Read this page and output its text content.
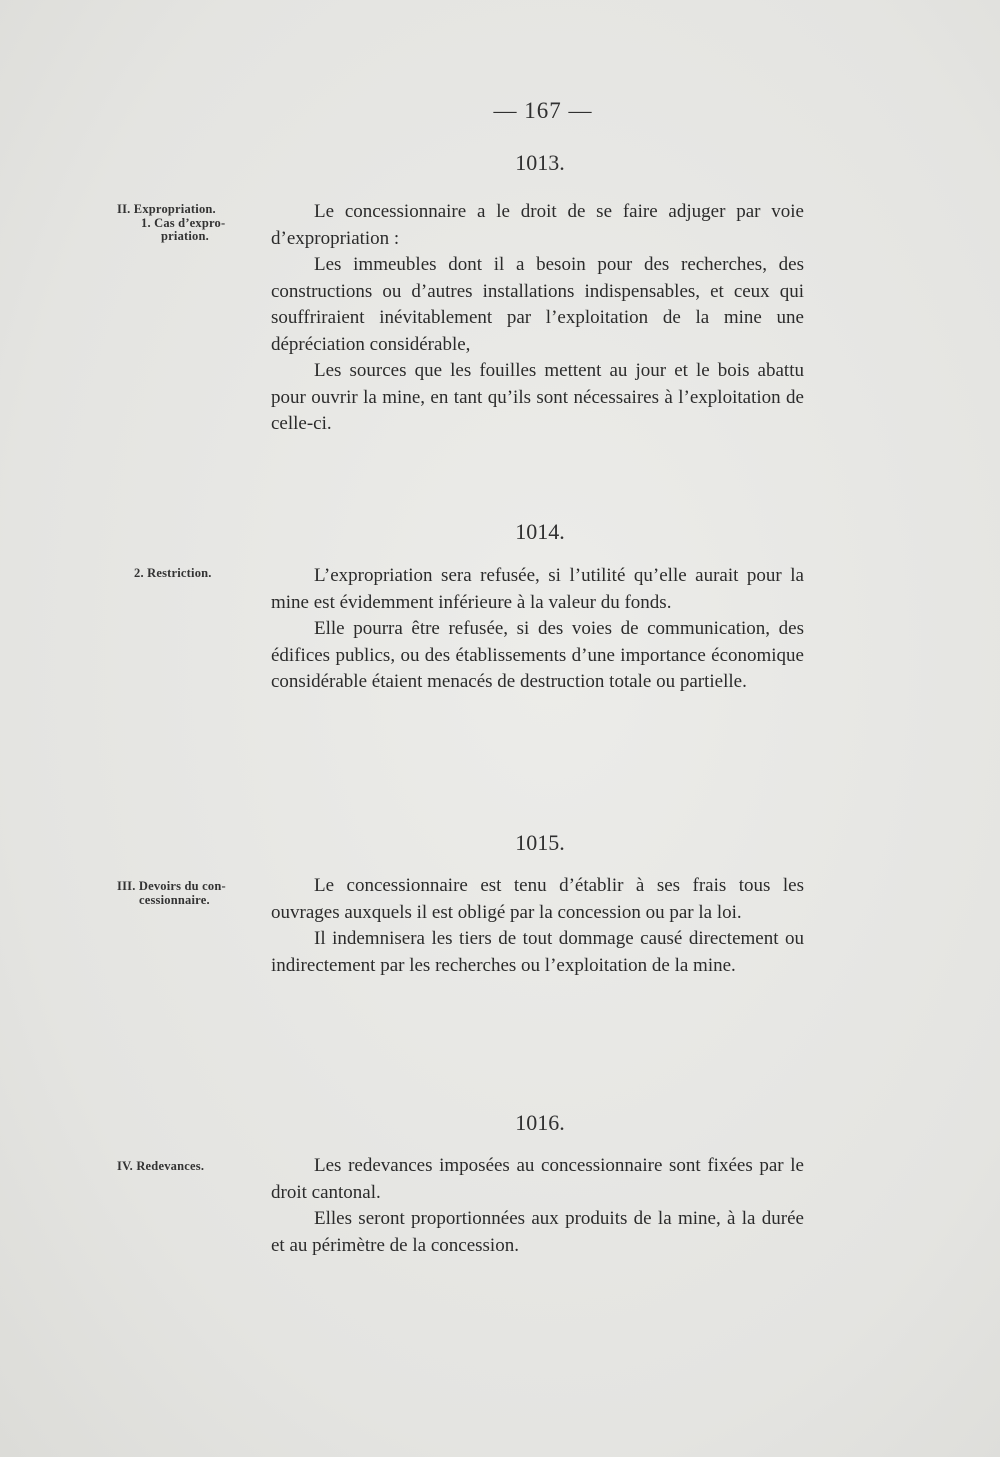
— 167 —
1013.
II. Expropriation.
1. Cas d’expro-
priation.

Le concessionnaire a le droit de se faire adjuger par voie d’expropriation :

Les immeubles dont il a besoin pour des recherches, des constructions ou d’autres installations indispensables, et ceux qui souffriraient inévitablement par l’exploitation de la mine une dépréciation considérable,

Les sources que les fouilles mettent au jour et le bois abattu pour ouvrir la mine, en tant qu’ils sont nécessaires à l’exploitation de celle-ci.

1014.
2. Restriction.	L’expropriation sera refusée, si l’utilité qu’elle aurait pour la mine est évidemment inférieure à la valeur du fonds.

Elle pourra être refusée, si des voies de communication, des édifices publics, ou des établissements d’une importance économique considérable étaient menacés de destruction totale ou partielle.

1015.
III. Devoirs du con-
cessionnaire.

Le concessionnaire est tenu d’établir à ses frais tous les ouvrages auxquels il est obligé par la concession ou par la loi.

Il indemnisera les tiers de tout dommage causé directement ou indirectement par les recherches ou l’exploitation de la mine.

1016.
IV. Redevances.	Les redevances imposées au concessionnaire sont fixées par le droit cantonal.

Elles seront proportionnées aux produits de la mine, à la durée et au périmètre de la concession.
